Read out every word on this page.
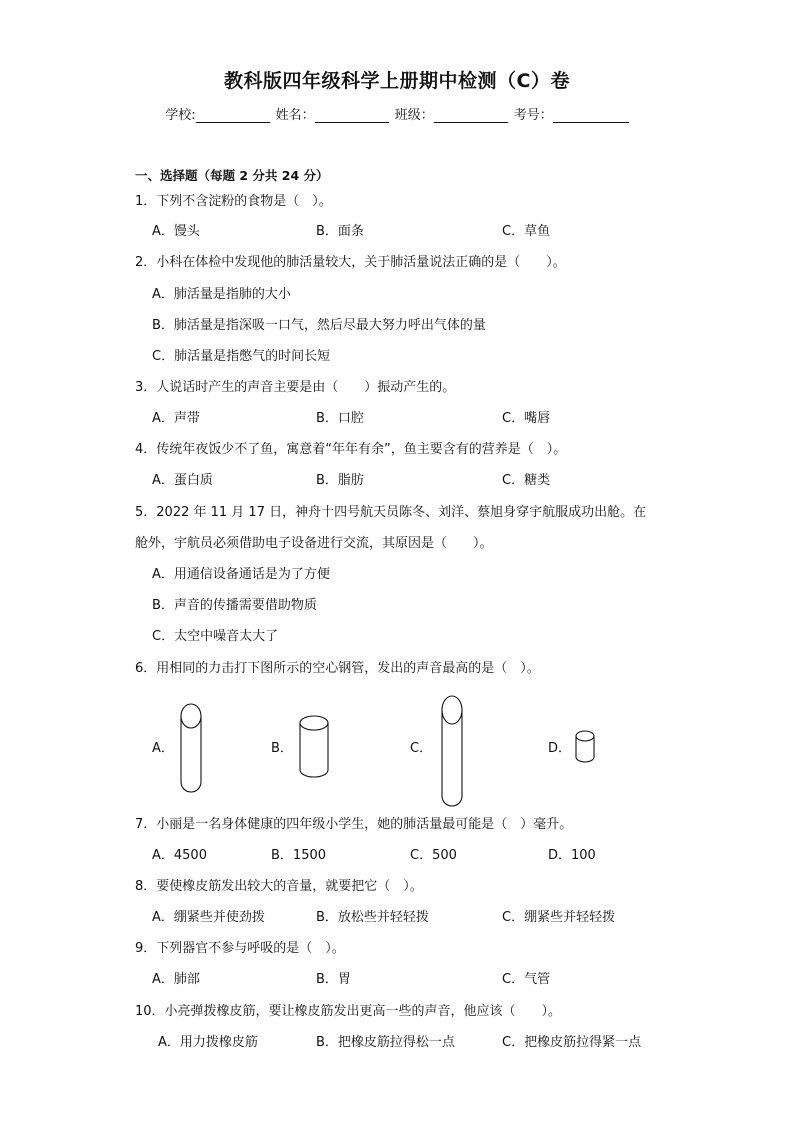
教科版四年级科学上册期中检测（C）卷
学校:	姓名：	班级：	考号：
一、选择题（每题 2 分共 24 分）
1．下列不含淀粉的食物是（　）。
A．馒头	B．面条	C．草鱼
2．小科在体检中发现他的肺活量较大，关于肺活量说法正确的是（　　）。
A．肺活量是指肺的大小
B．肺活量是指深吸一口气，然后尽最大努力呼出气体的量
C．肺活量是指憋气的时间长短
3．人说话时产生的声音主要是由（　　）振动产生的。
A．声带	B．口腔	C．嘴唇
4．传统年夜饭少不了鱼，寓意着“年年有余”，鱼主要含有的营养是（　）。
A．蛋白质	B．脂肪	C．糖类
5．2022 年 11 月 17 日，神舟十四号航天员陈冬、刘洋、蔡旭身穿宇航服成功出舱。在
舱外，宇航员必须借助电子设备进行交流，其原因是（　　）。
A．用通信设备通话是为了方便
B．声音的传播需要借助物质
C．太空中噪音太大了
6．用相同的力击打下图所示的空心钢管，发出的声音最高的是（　）。
A．	B．	C．	D．
7．小丽是一名身体健康的四年级小学生，她的肺活量最可能是（　）毫升。
A．4500	B．1500	C．500	D．100
8．要使橡皮筋发出较大的音量，就要把它（　）。
A．绷紧些并使劲拨	B．放松些并轻轻拨	C．绷紧些并轻轻拨
9．下列器官不参与呼吸的是（　）。
A．肺部	B．胃	C．气管
10．小亮弹拨橡皮筋，要让橡皮筋发出更高一些的声音，他应该（　　）。
A．用力拨橡皮筋	B．把橡皮筋拉得松一点	C．把橡皮筋拉得紧一点
